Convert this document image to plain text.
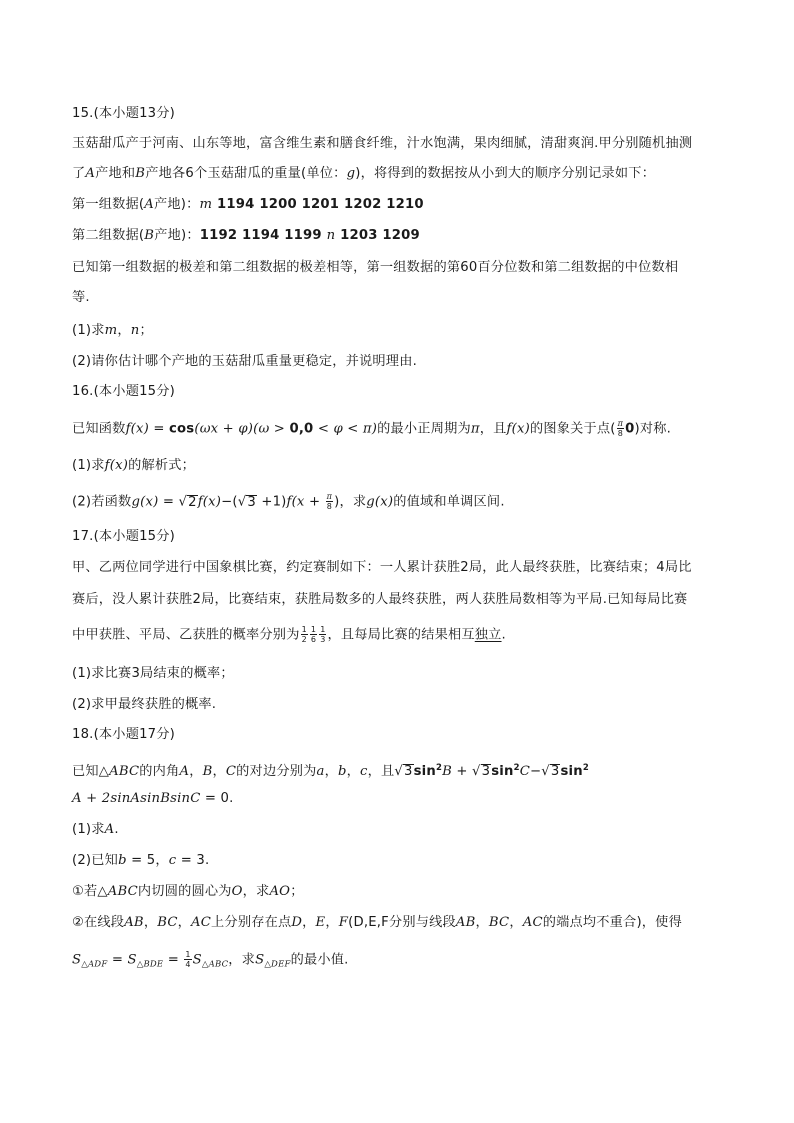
15.(本小题13分)
玉菇甜瓜产于河南、山东等地，富含维生素和膳食纤维，汁水饱满，果肉细腻，清甜爽润.甲分别随机抽测
了A产地和B产地各6个玉菇甜瓜的重量(单位：g)，将得到的数据按从小到大的顺序分别记录如下：
第一组数据(A产地)：m 1194 1200 1201 1202 1210
第二组数据(B产地)：1192 1194 1199 n 1203 1209
已知第一组数据的极差和第二组数据的极差相等，第一组数据的第60百分位数和第二组数据的中位数相
等.
(1)求m，n；
(2)请你估计哪个产地的玉菇甜瓜重量更稳定，并说明理由.
16.(本小题15分)
已知函数f(x) = cos(ωx + φ)(ω > 0,0 < φ < π)的最小正周期为π，且f(x)的图象关于点( $\frac{\pi}{8} 0$)对称.
(1)求f(x)的解析式；
(2)若函数$g(x) = √2f(x)-(√3 +1)f(x + \frac{\pi}{8}$ )，求g(x)的值域和单调区间.
17.(本小题15分)
甲、乙两位同学进行中国象棋比赛，约定赛制如下：一人累计获胜2局，此人最终获胜，比赛结束；4局比
赛后，没人累计获胜2局，比赛结束，获胜局数多的人最终获胜，两人获胜局数相等为平局.已知每局比赛
中甲获胜、平局、乙获胜的概率分别为 $\frac{1}{2} \frac{1}{6} \frac{1}{3}$ ，且每局比赛的结果相互独立.
(1)求比赛3局结束的概率；
(2)求甲最终获胜的概率.
18.(本小题17分)
已知△ABC的内角A，B，C的对边分别为a，b，c，且$√3\sin^2B + √3\sin^2C-√3\sin^2$
A + 2sinAsinBsinC = 0.
(1)求A.
(2)已知b = 5，c = 3.
①若△ABC内切圆的圆心为O，求AO；
②在线段AB，BC，AC上分别存在点D，E，F(D,E,F分别与线段AB，BC，AC的端点均不重合)，使得
$S_{\triangle ADF} = S_{\triangle BDE} = \frac{1}{4} S_{\triangle ABC}$，求$S_{\triangle DEF}$的最小值.
